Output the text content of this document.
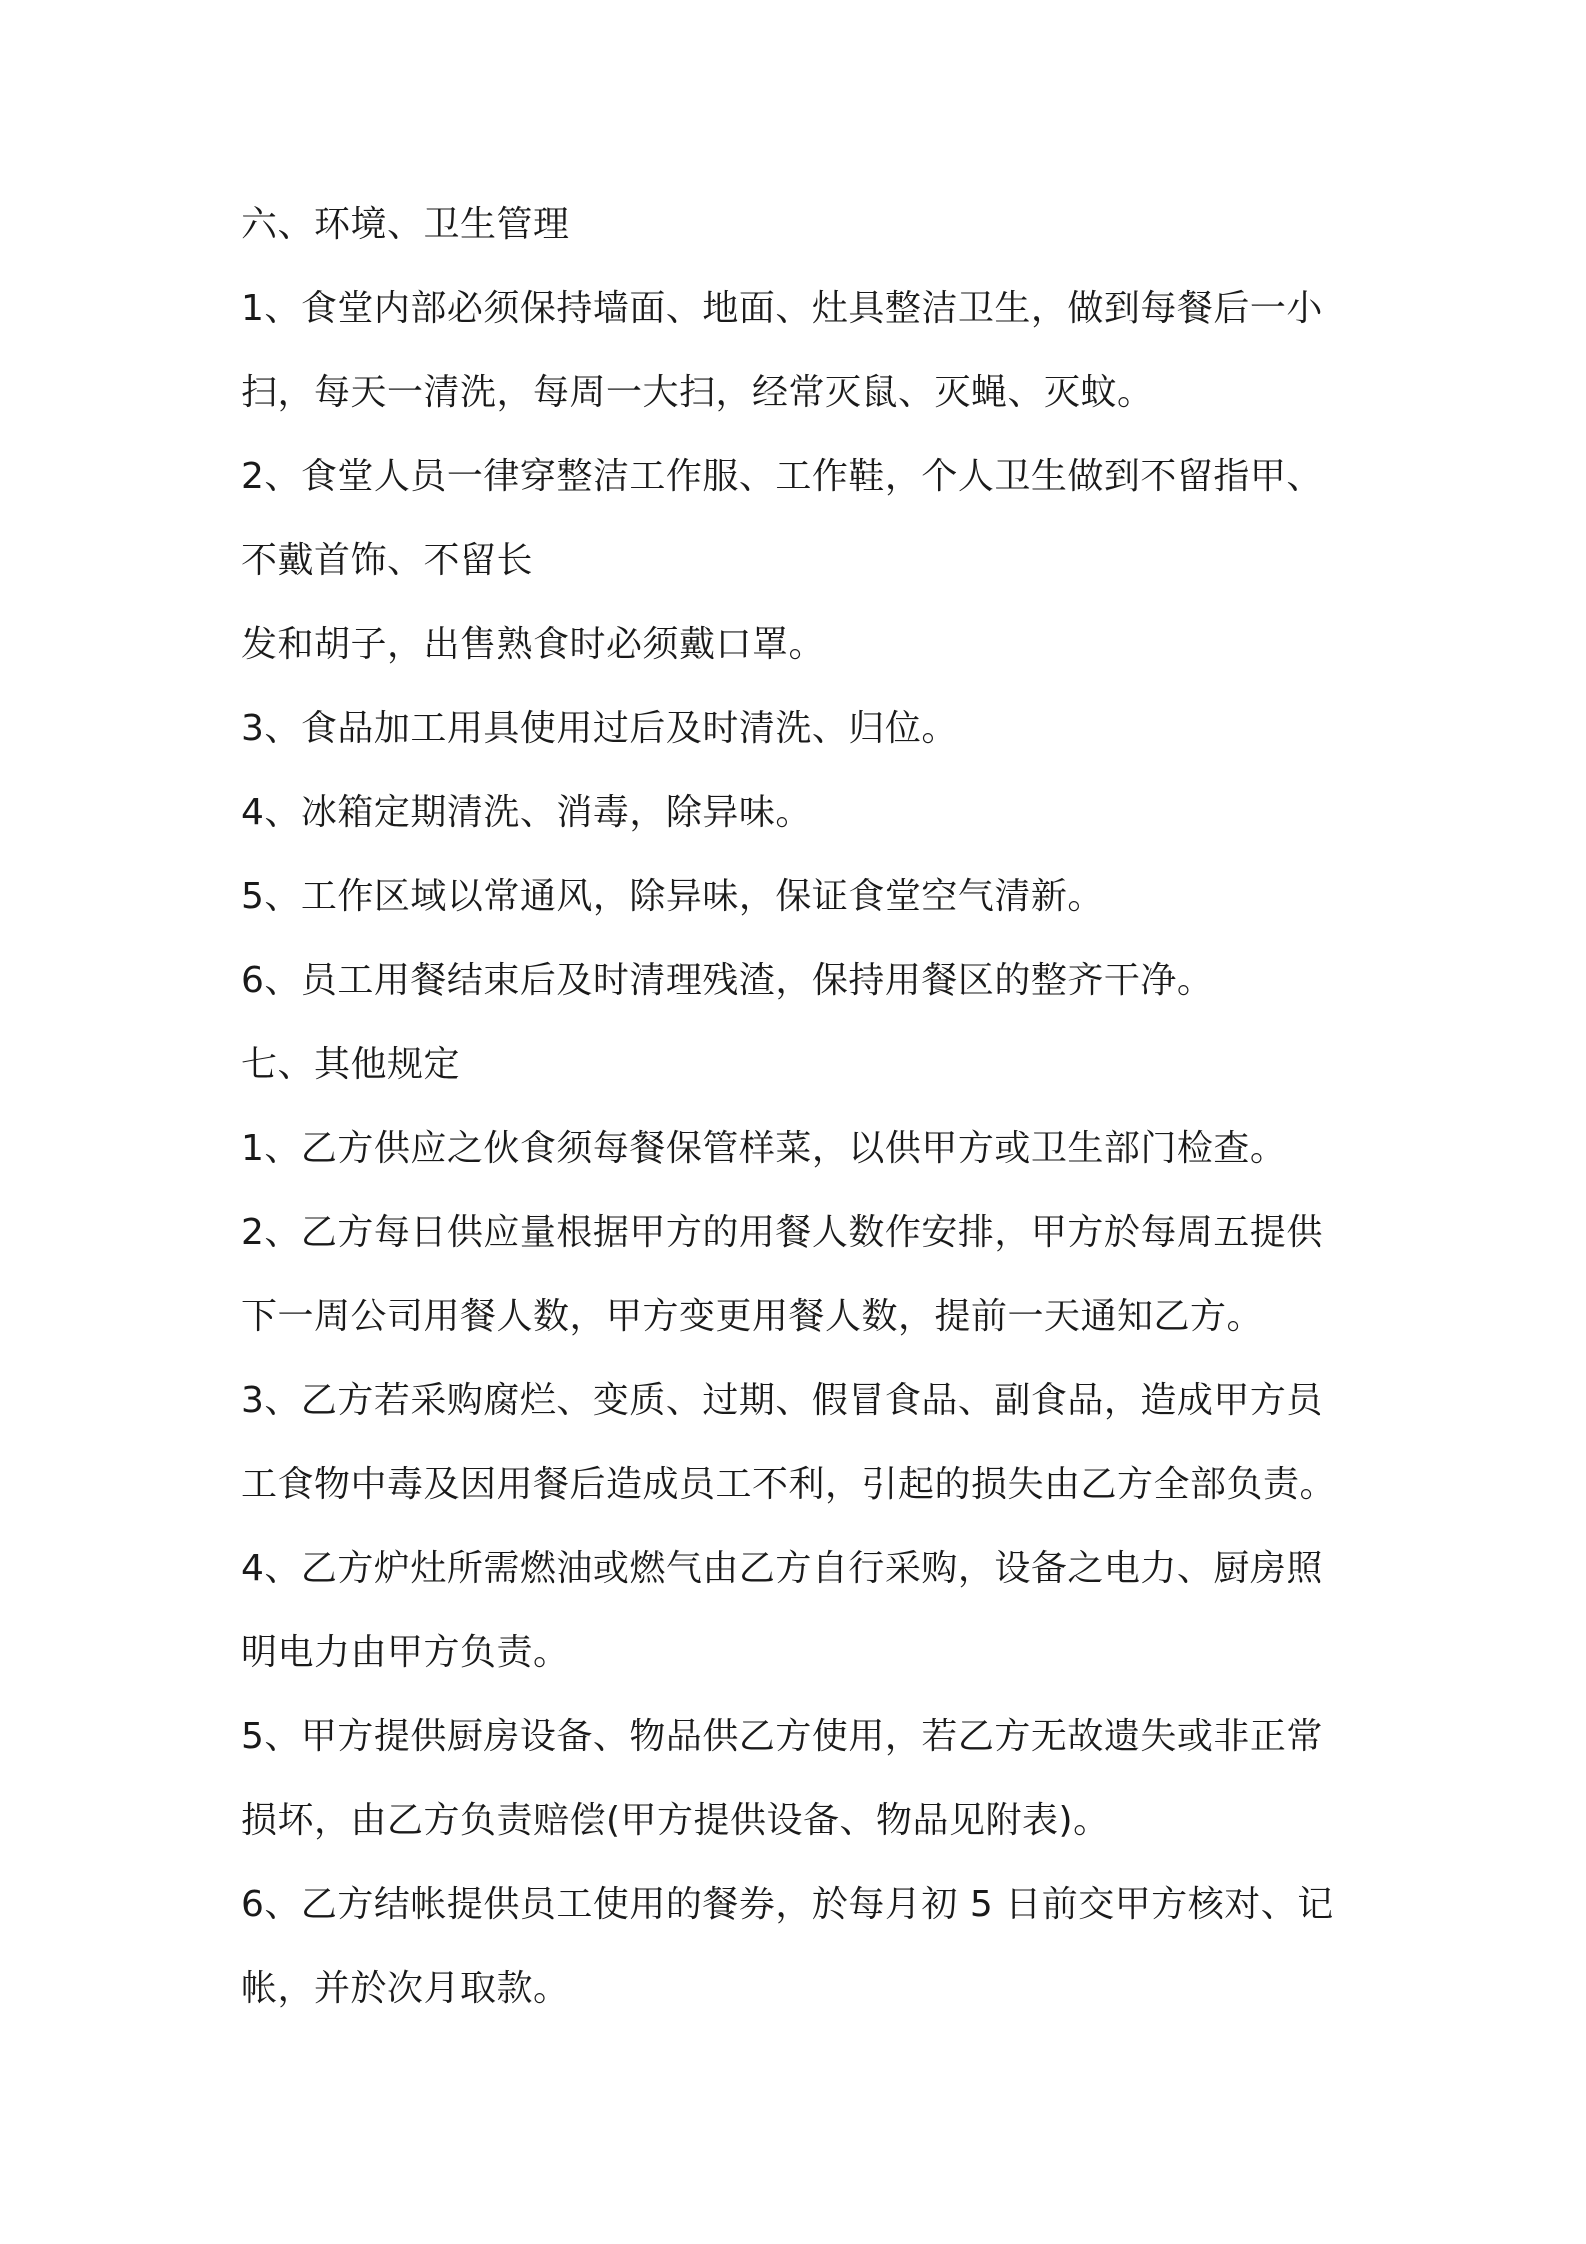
六、环境、卫生管理
1、食堂内部必须保持墙面、地面、灶具整洁卫生，做到每餐后一小
扫，每天一清洗，每周一大扫，经常灭鼠、灭蝇、灭蚊。
2、食堂人员一律穿整洁工作服、工作鞋，个人卫生做到不留指甲、
不戴首饰、不留长
发和胡子，出售熟食时必须戴口罩。
3、食品加工用具使用过后及时清洗、归位。
4、冰箱定期清洗、消毒，除异味。
5、工作区域以常通风，除异味，保证食堂空气清新。
6、员工用餐结束后及时清理残渣，保持用餐区的整齐干净。
七、其他规定
1、乙方供应之伙食须每餐保管样菜，以供甲方或卫生部门检查。
2、乙方每日供应量根据甲方的用餐人数作安排，甲方於每周五提供
下一周公司用餐人数，甲方变更用餐人数，提前一天通知乙方。
3、乙方若采购腐烂、变质、过期、假冒食品、副食品，造成甲方员
工食物中毒及因用餐后造成员工不利，引起的损失由乙方全部负责。
4、乙方炉灶所需燃油或燃气由乙方自行采购，设备之电力、厨房照
明电力由甲方负责。
5、甲方提供厨房设备、物品供乙方使用，若乙方无故遗失或非正常
损坏，由乙方负责赔偿(甲方提供设备、物品见附表)。
6、乙方结帐提供员工使用的餐券，於每月初 5 日前交甲方核对、记
帐，并於次月取款。
